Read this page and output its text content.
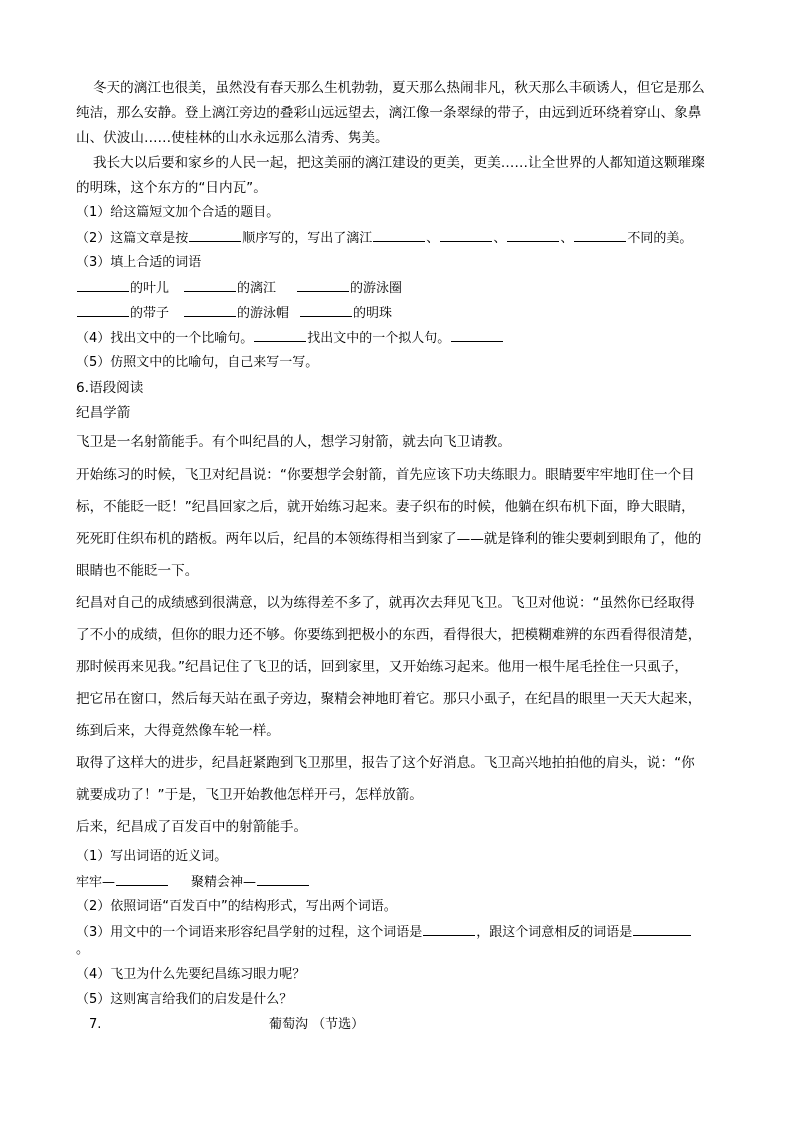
冬天的漓江也很美，虽然没有春天那么生机勃勃，夏天那么热闹非凡，秋天那么丰硕诱人，但它是那么
纯洁，那么安静。登上漓江旁边的叠彩山远远望去，漓江像一条翠绿的带子，由远到近环绕着穿山、象鼻
山、伏波山……使桂林的山水永远那么清秀、隽美。
我长大以后要和家乡的人民一起，把这美丽的漓江建设的更美，更美……让全世界的人都知道这颗璀璨
的明珠，这个东方的“日内瓦”。
（1）给这篇短文加个合适的题目。
（2）这篇文章是按	顺序写的，写出了漓江	、	、	、	不同的美。
（3）填上合适的词语
的叶儿	的漓江	的游泳圈
的带子	的游泳帽	的明珠
（4）找出文中的一个比喻句。	找出文中的一个拟人句。
（5）仿照文中的比喻句，自己来写一写。
6.语段阅读
纪昌学箭
飞卫是一名射箭能手。有个叫纪昌的人，想学习射箭，就去向飞卫请教。
开始练习的时候，飞卫对纪昌说：“你要想学会射箭，首先应该下功夫练眼力。眼睛要牢牢地盯住一个目
标，不能眨一眨！”纪昌回家之后，就开始练习起来。妻子织布的时候，他躺在织布机下面，睁大眼睛，
死死盯住织布机的踏板。两年以后，纪昌的本领练得相当到家了——就是锋利的锥尖要刺到眼角了，他的
眼睛也不能眨一下。
纪昌对自己的成绩感到很满意，以为练得差不多了，就再次去拜见飞卫。飞卫对他说：“虽然你已经取得
了不小的成绩，但你的眼力还不够。你要练到把极小的东西，看得很大，把模糊难辨的东西看得很清楚，
那时候再来见我。”纪昌记住了飞卫的话，回到家里，又开始练习起来。他用一根牛尾毛拴住一只虱子，
把它吊在窗口，然后每天站在虱子旁边，聚精会神地盯着它。那只小虱子，在纪昌的眼里一天天大起来，
练到后来，大得竟然像车轮一样。
取得了这样大的进步，纪昌赶紧跑到飞卫那里，报告了这个好消息。飞卫高兴地拍拍他的肩头，说：“你
就要成功了！”于是，飞卫开始教他怎样开弓，怎样放箭。
后来，纪昌成了百发百中的射箭能手。
（1）写出词语的近义词。
牢牢—	聚精会神—
（2）依照词语“百发百中”的结构形式，写出两个词语。
（3）用文中的一个词语来形容纪昌学射的过程，这个词语是	，跟这个词意相反的词语是
。
（4）飞卫为什么先要纪昌练习眼力呢？
（5）这则寓言给我们的启发是什么？
7.	葡萄沟 （节选）
